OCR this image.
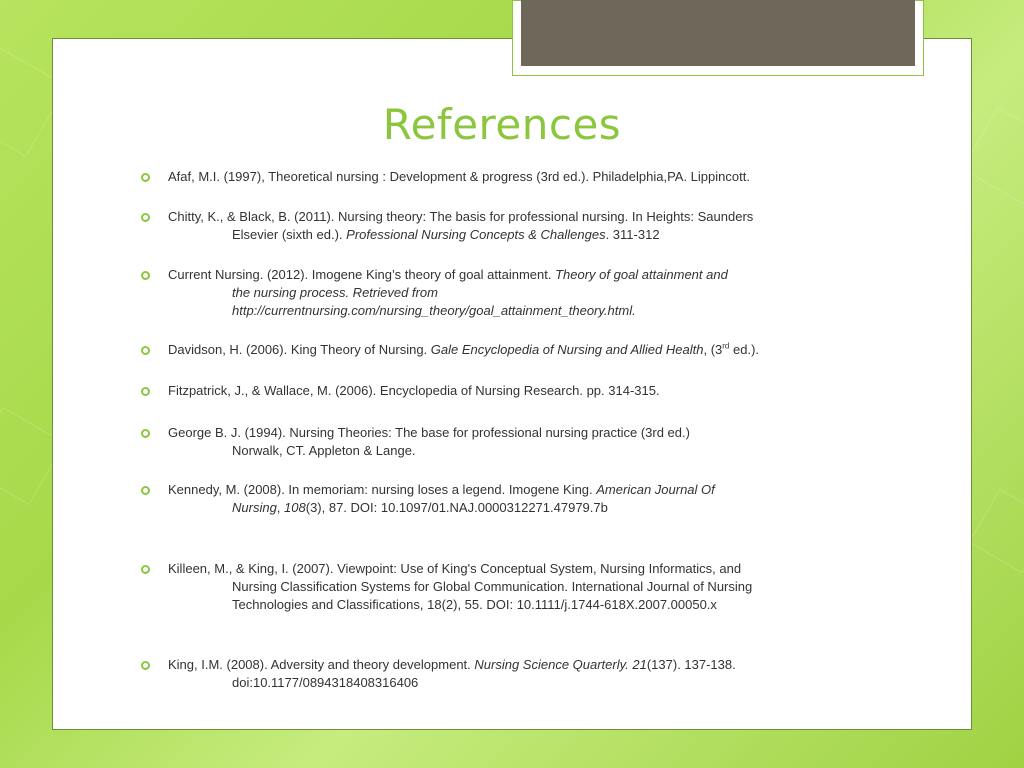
References
Afaf, M.I. (1997), Theoretical nursing : Development & progress (3rd ed.). Philadelphia,PA. Lippincott.
Chitty, K., & Black, B. (2011). Nursing theory: The basis for professional nursing. In Heights: Saunders
Elsevier (sixth ed.). Professional Nursing Concepts & Challenges. 311-312
Current Nursing. (2012). Imogene King’s theory of goal attainment. Theory of goal attainment and
the nursing process. Retrieved from
http://currentnursing.com/nursing_theory/goal_attainment_theory.html.
Davidson, H. (2006). King Theory of Nursing. Gale Encyclopedia of Nursing and Allied Health, (3rd ed.).
Fitzpatrick, J., & Wallace, M. (2006). Encyclopedia of Nursing Research. pp. 314-315.
George B. J. (1994). Nursing Theories: The base for professional nursing practice (3rd ed.)
Norwalk, CT. Appleton & Lange.
Kennedy, M. (2008). In memoriam: nursing loses a legend. Imogene King. American Journal Of
Nursing, 108(3), 87. DOI: 10.1097/01.NAJ.0000312271.47979.7b
Killeen, M., & King, I. (2007). Viewpoint: Use of King's Conceptual System, Nursing Informatics, and
Nursing Classification Systems for Global Communication. International Journal of Nursing
Technologies and Classifications, 18(2), 55. DOI: 10.1111/j.1744-618X.2007.00050.x
King, I.M. (2008). Adversity and theory development. Nursing Science Quarterly. 21(137). 137-138.
doi:10.1177/0894318408316406
